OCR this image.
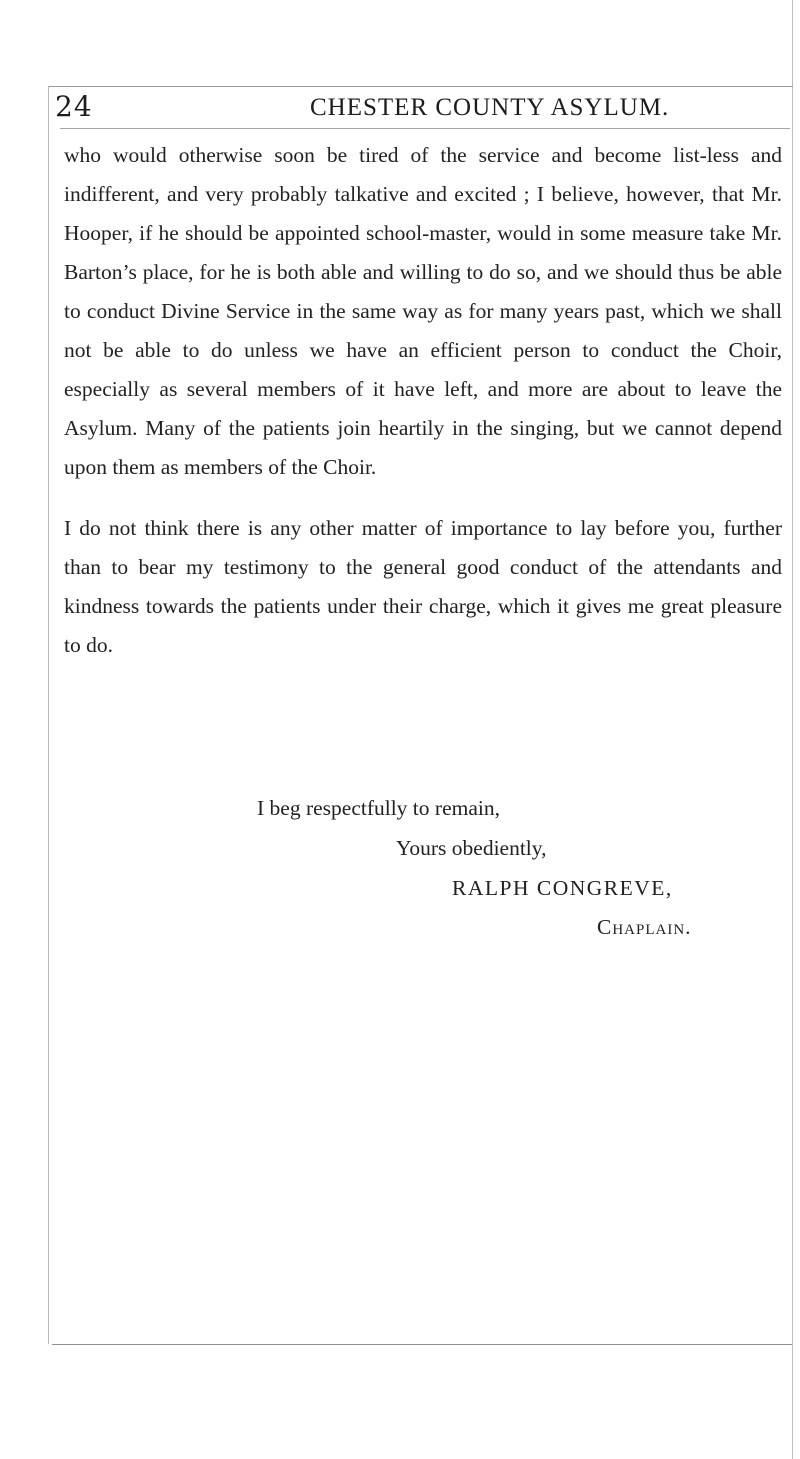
24	CHESTER COUNTY ASYLUM.

who would otherwise soon be tired of the service and become list-less and indifferent, and very probably talkative and excited ; I believe, however, that Mr. Hooper, if he should be appointed school-master, would in some measure take Mr. Barton’s place, for he is both able and willing to do so, and we should thus be able to conduct Divine Service in the same way as for many years past, which we shall not be able to do unless we have an efficient person to conduct the Choir, especially as several members of it have left, and more are about to leave the Asylum. Many of the patients join heartily in the singing, but we cannot depend upon them as members of the Choir.

I do not think there is any other matter of importance to lay before you, further than to bear my testimony to the general good conduct of the attendants and kindness towards the patients under their charge, which it gives me great pleasure to do.

I beg respectfully to remain,
Yours obediently,
RALPH CONGREVE,
Chaplain.
